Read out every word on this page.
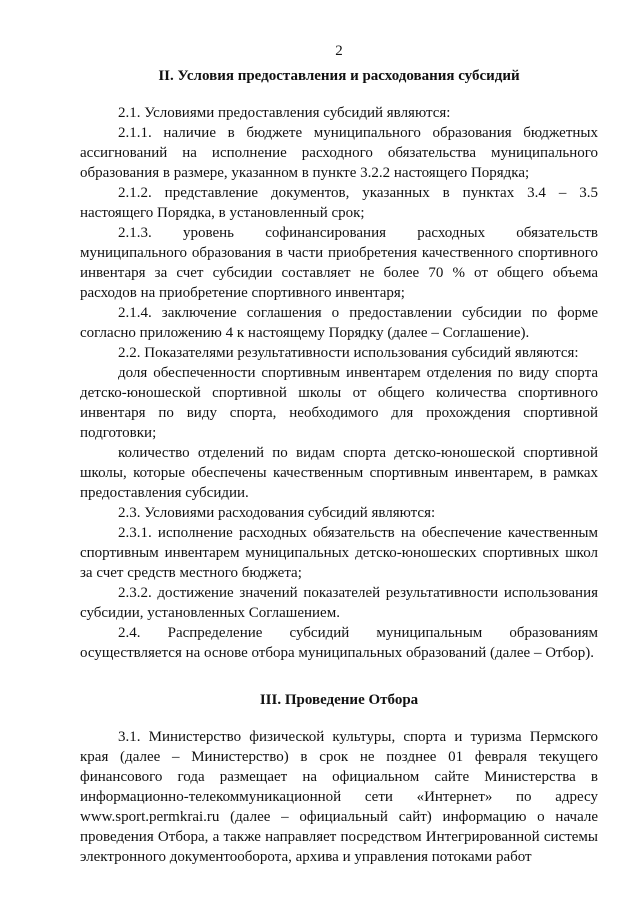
2
II. Условия предоставления и расходования субсидий

2.1. Условиями предоставления субсидий являются:

2.1.1. наличие в бюджете муниципального образования бюджетных ассигнований на исполнение расходного обязательства муниципального образования в размере, указанном в пункте 3.2.2 настоящего Порядка;

2.1.2. представление документов, указанных в пунктах 3.4 – 3.5 настоящего Порядка, в установленный срок;

2.1.3. уровень софинансирования расходных обязательств муниципального образования в части приобретения качественного спортивного инвентаря за счет субсидии составляет не более 70 % от общего объема расходов на приобретение спортивного инвентаря;

2.1.4. заключение соглашения о предоставлении субсидии по форме согласно приложению 4 к настоящему Порядку (далее – Соглашение).

2.2. Показателями результативности использования субсидий являются:

доля обеспеченности спортивным инвентарем отделения по виду спорта детско-юношеской спортивной школы от общего количества спортивного инвентаря по виду спорта, необходимого для прохождения спортивной подготовки;

количество отделений по видам спорта детско-юношеской спортивной школы, которые обеспечены качественным спортивным инвентарем, в рамках предоставления субсидии.

2.3. Условиями расходования субсидий являются:

2.3.1. исполнение расходных обязательств на обеспечение качественным спортивным инвентарем муниципальных детско-юношеских спортивных школ за счет средств местного бюджета;

2.3.2. достижение значений показателей результативности использования субсидии, установленных Соглашением.

2.4. Распределение субсидий муниципальным образованиям осуществляется на основе отбора муниципальных образований (далее – Отбор).

III. Проведение Отбора

3.1. Министерство физической культуры, спорта и туризма Пермского края (далее – Министерство) в срок не позднее 01 февраля текущего финансового года размещает на официальном сайте Министерства в информационно-телекоммуникационной сети «Интернет» по адресу www.sport.permkrai.ru (далее – официальный сайт) информацию о начале проведения Отбора, а также направляет посредством Интегрированной системы электронного документооборота, архива и управления потоками работ
